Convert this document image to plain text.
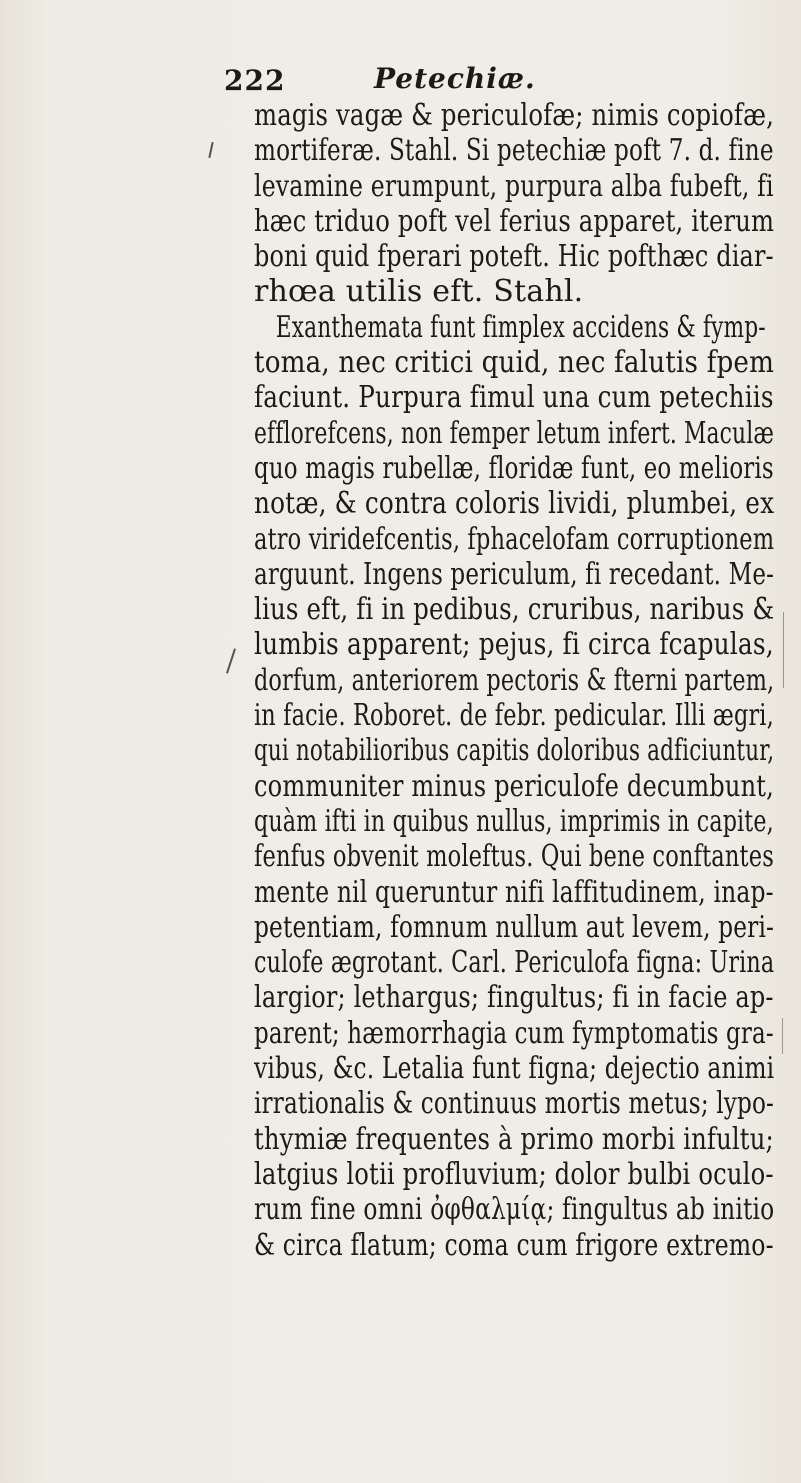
222	Petechiæ.
magis vagæ & periculofæ; nimis copiofæ,
mortiferæ. Stahl. Si petechiæ poft 7. d. fine
levamine erumpunt, purpura alba fubeft, fi
hæc triduo poft vel ferius apparet, iterum
boni quid fperari poteft. Hic pofthæc diar-
rhœa utilis eft. Stahl.
Exanthemata funt fimplex accidens & fymp-
toma, nec critici quid, nec falutis fpem
faciunt. Purpura fimul una cum petechiis
efflorefcens, non femper letum infert. Maculæ
quo magis rubellæ, floridæ funt, eo melioris
notæ, & contra coloris lividi, plumbei, ex
atro viridefcentis, fphacelofam corruptionem
arguunt. Ingens periculum, fi recedant. Me-
lius eft, fi in pedibus, cruribus, naribus &
lumbis apparent; pejus, fi circa fcapulas,
dorfum, anteriorem pectoris & fterni partem,
in facie. Roboret. de febr. pedicular. Illi ægri,
qui notabilioribus capitis doloribus adficiuntur,
communiter minus periculofe decumbunt,
quàm ifti in quibus nullus, imprimis in capite,
fenfus obvenit moleftus. Qui bene conftantes
mente nil queruntur nifi laffitudinem, inap-
petentiam, fomnum nullum aut levem, peri-
culofe ægrotant. Carl. Periculofa figna: Urina
largior; lethargus; fingultus; fi in facie ap-
parent; hæmorrhagia cum fymptomatis gra-
vibus, &c. Letalia funt figna; dejectio animi
irrationalis & continuus mortis metus; lypo-
thymiæ frequentes à primo morbi infultu;
latgius lotii profluvium; dolor bulbi oculo-
rum fine omni ὀφθαλμίᾳ; fingultus ab initio
& circa flatum; coma cum frigore extremo-
